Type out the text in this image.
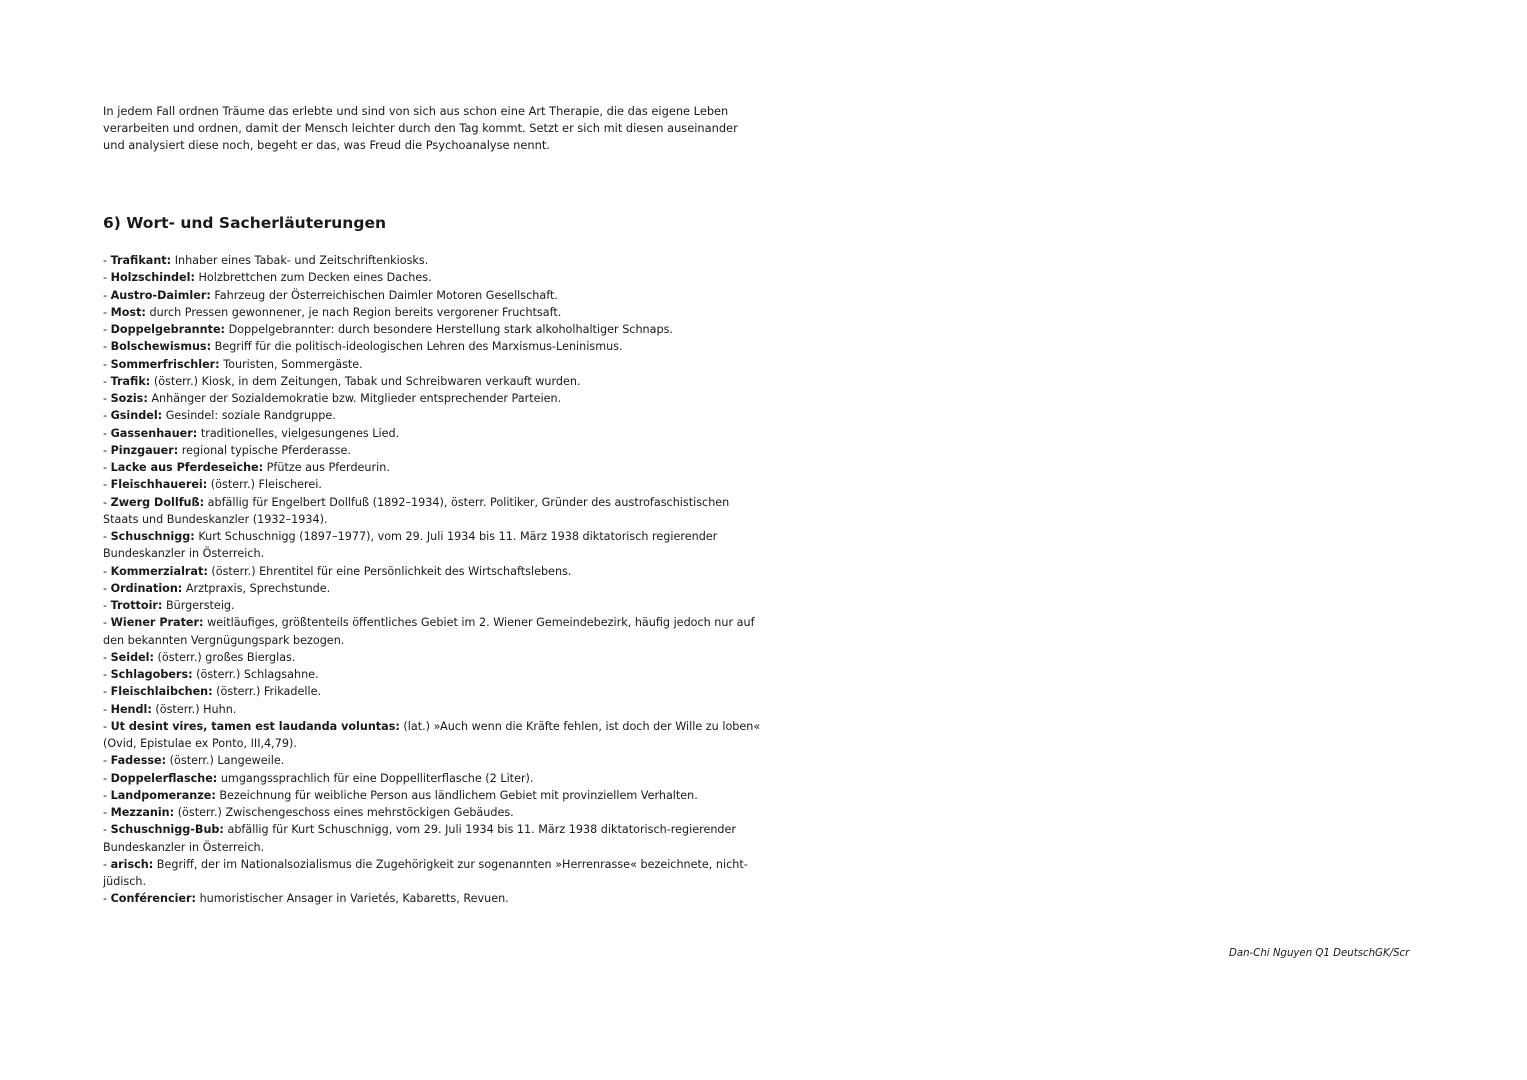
In jedem Fall ordnen Träume das erlebte und sind von sich aus schon eine Art Therapie, die das eigene Leben verarbeiten und ordnen, damit der Mensch leichter durch den Tag kommt. Setzt er sich mit diesen auseinander und analysiert diese noch, begeht er das, was Freud die Psychoanalyse nennt.

6) Wort- und Sacherläuterungen
- Trafikant: Inhaber eines Tabak- und Zeitschriftenkiosks.
- Holzschindel: Holzbrettchen zum Decken eines Daches.
- Austro-Daimler: Fahrzeug der Österreichischen Daimler Motoren Gesellschaft.
- Most: durch Pressen gewonnener, je nach Region bereits vergorener Fruchtsaft.
- Doppelgebrannte: Doppelgebrannter: durch besondere Herstellung stark alkoholhaltiger Schnaps.
- Bolschewismus: Begriff für die politisch-ideologischen Lehren des Marxismus-Leninismus.
- Sommerfrischler: Touristen, Sommergäste.
- Trafik: (österr.) Kiosk, in dem Zeitungen, Tabak und Schreibwaren verkauft wurden.
- Sozis: Anhänger der Sozialdemokratie bzw. Mitglieder entsprechender Parteien.
- Gsindel: Gesindel: soziale Randgruppe.
- Gassenhauer: traditionelles, vielgesungenes Lied.
- Pinzgauer: regional typische Pferderasse.
- Lacke aus Pferdeseiche: Pfütze aus Pferdeurin.
- Fleischhauerei: (österr.) Fleischerei.
- Zwerg Dollfuß: abfällig für Engelbert Dollfuß (1892–1934), österr. Politiker, Gründer des austrofaschistischen Staats und Bundeskanzler (1932–1934).
- Schuschnigg: Kurt Schuschnigg (1897–1977), vom 29. Juli 1934 bis 11. März 1938 diktatorisch regierender Bundeskanzler in Österreich.
- Kommerzialrat: (österr.) Ehrentitel für eine Persönlichkeit des Wirtschaftslebens.
- Ordination: Arztpraxis, Sprechstunde.
- Trottoir: Bürgersteig.
- Wiener Prater: weitläufiges, größtenteils öffentliches Gebiet im 2. Wiener Gemeindebezirk, häufig jedoch nur auf den bekannten Vergnügungspark bezogen.
- Seidel: (österr.) großes Bierglas.
- Schlagobers: (österr.) Schlagsahne.
- Fleischlaibchen: (österr.) Frikadelle.
- Hendl: (österr.) Huhn.
- Ut desint vires, tamen est laudanda voluntas: (lat.) »Auch wenn die Kräfte fehlen, ist doch der Wille zu loben« (Ovid, Epistulae ex Ponto, III,4,79).
- Fadesse: (österr.) Langeweile.
- Doppelerflasche: umgangssprachlich für eine Doppelliterflasche (2 Liter).
- Landpomeranze: Bezeichnung für weibliche Person aus ländlichem Gebiet mit provinziellem Verhalten.
- Mezzanin: (österr.) Zwischengeschoss eines mehrstöckigen Gebäudes.
- Schuschnigg-Bub: abfällig für Kurt Schuschnigg, vom 29. Juli 1934 bis 11. März 1938 diktatorisch-regierender Bundeskanzler in Österreich.
- arisch: Begriff, der im Nationalsozialismus die Zugehörigkeit zur sogenannten »Herrenrasse« bezeichnete, nicht-jüdisch.
- Conférencier: humoristischer Ansager in Varietés, Kabaretts, Revuen.
Dan-Chi Nguyen Q1 DeutschGK/Scr
